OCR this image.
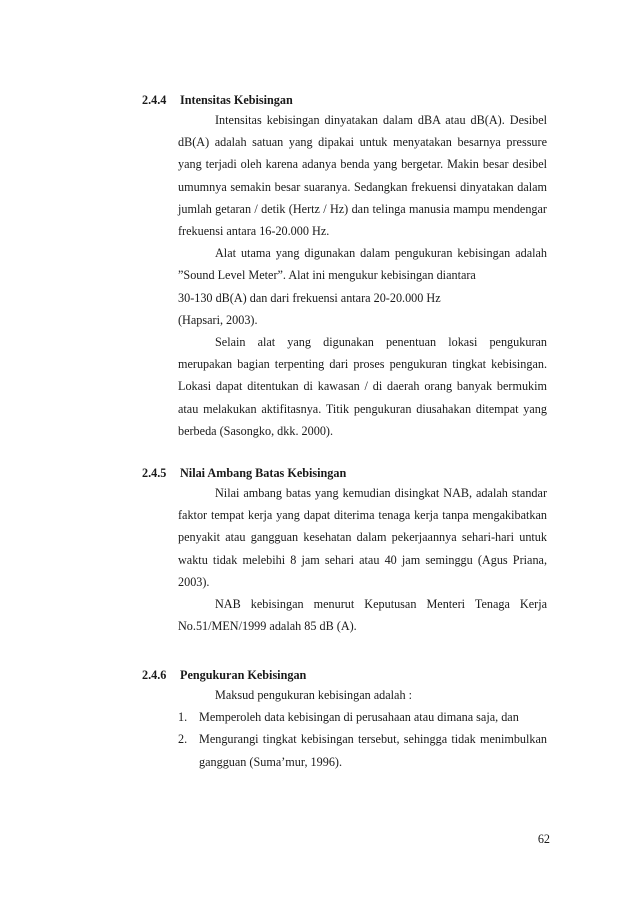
2.4.4 Intensitas Kebisingan

Intensitas kebisingan dinyatakan dalam dBA atau dB(A). Desibel dB(A) adalah satuan yang dipakai untuk menyatakan besarnya pressure yang terjadi oleh karena adanya benda yang bergetar. Makin besar desibel umumnya semakin besar suaranya. Sedangkan frekuensi dinyatakan dalam jumlah getaran / detik (Hertz / Hz) dan telinga manusia mampu mendengar frekuensi antara 16-20.000 Hz.

Alat utama yang digunakan dalam pengukuran kebisingan adalah ”Sound Level Meter”. Alat ini mengukur kebisingan diantara

30-130 dB(A) dan dari frekuensi antara 20-20.000 Hz

(Hapsari, 2003).

Selain alat yang digunakan penentuan lokasi pengukuran merupakan bagian terpenting dari proses pengukuran tingkat kebisingan. Lokasi dapat ditentukan di kawasan / di daerah orang banyak bermukim atau melakukan aktifitasnya. Titik pengukuran diusahakan ditempat yang berbeda (Sasongko, dkk. 2000).

2.4.5 Nilai Ambang Batas Kebisingan

Nilai ambang batas yang kemudian disingkat NAB, adalah standar faktor tempat kerja yang dapat diterima tenaga kerja tanpa mengakibatkan penyakit atau gangguan kesehatan dalam pekerjaannya sehari-hari untuk waktu tidak melebihi 8 jam sehari atau 40 jam seminggu (Agus Priana, 2003).

NAB kebisingan menurut Keputusan Menteri Tenaga Kerja No.51/MEN/1999 adalah 85 dB (A).

2.4.6 Pengukuran Kebisingan

Maksud pengukuran kebisingan adalah :

1. Memperoleh data kebisingan di perusahaan atau dimana saja, dan
2. Mengurangi tingkat kebisingan tersebut, sehingga tidak menimbulkan gangguan (Suma’mur, 1996).
62
